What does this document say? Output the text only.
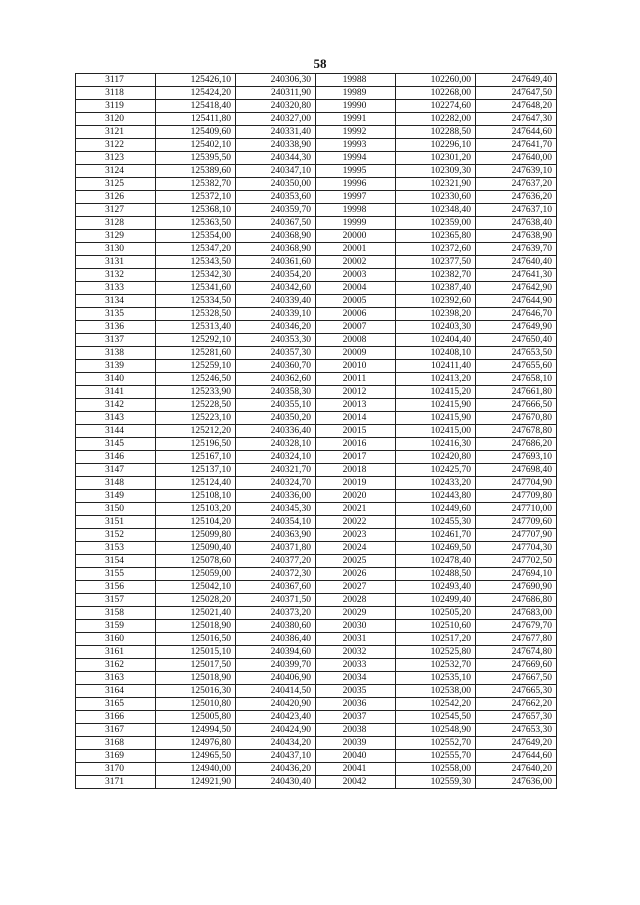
58
3117	125426,10	240306,30	19988	102260,00	247649,40
3118	125424,20	240311,90	19989	102268,00	247647,50
3119	125418,40	240320,80	19990	102274,60	247648,20
3120	125411,80	240327,00	19991	102282,00	247647,30
3121	125409,60	240331,40	19992	102288,50	247644,60
3122	125402,10	240338,90	19993	102296,10	247641,70
3123	125395,50	240344,30	19994	102301,20	247640,00
3124	125389,60	240347,10	19995	102309,30	247639,10
3125	125382,70	240350,00	19996	102321,90	247637,20
3126	125372,10	240353,60	19997	102330,60	247636,20
3127	125368,10	240359,70	19998	102348,40	247637,10
3128	125363,50	240367,50	19999	102359,00	247638,40
3129	125354,00	240368,90	20000	102365,80	247638,90
3130	125347,20	240368,90	20001	102372,60	247639,70
3131	125343,50	240361,60	20002	102377,50	247640,40
3132	125342,30	240354,20	20003	102382,70	247641,30
3133	125341,60	240342,60	20004	102387,40	247642,90
3134	125334,50	240339,40	20005	102392,60	247644,90
3135	125328,50	240339,10	20006	102398,20	247646,70
3136	125313,40	240346,20	20007	102403,30	247649,90
3137	125292,10	240353,30	20008	102404,40	247650,40
3138	125281,60	240357,30	20009	102408,10	247653,50
3139	125259,10	240360,70	20010	102411,40	247655,60
3140	125246,50	240362,60	20011	102413,20	247658,10
3141	125233,90	240358,30	20012	102415,20	247661,80
3142	125228,50	240355,10	20013	102415,90	247666,50
3143	125223,10	240350,20	20014	102415,90	247670,80
3144	125212,20	240336,40	20015	102415,00	247678,80
3145	125196,50	240328,10	20016	102416,30	247686,20
3146	125167,10	240324,10	20017	102420,80	247693,10
3147	125137,10	240321,70	20018	102425,70	247698,40
3148	125124,40	240324,70	20019	102433,20	247704,90
3149	125108,10	240336,00	20020	102443,80	247709,80
3150	125103,20	240345,30	20021	102449,60	247710,00
3151	125104,20	240354,10	20022	102455,30	247709,60
3152	125099,80	240363,90	20023	102461,70	247707,90
3153	125090,40	240371,80	20024	102469,50	247704,30
3154	125078,60	240377,20	20025	102478,40	247702,50
3155	125059,00	240372,30	20026	102488,50	247694,10
3156	125042,10	240367,60	20027	102493,40	247690,90
3157	125028,20	240371,50	20028	102499,40	247686,80
3158	125021,40	240373,20	20029	102505,20	247683,00
3159	125018,90	240380,60	20030	102510,60	247679,70
3160	125016,50	240386,40	20031	102517,20	247677,80
3161	125015,10	240394,60	20032	102525,80	247674,80
3162	125017,50	240399,70	20033	102532,70	247669,60
3163	125018,90	240406,90	20034	102535,10	247667,50
3164	125016,30	240414,50	20035	102538,00	247665,30
3165	125010,80	240420,90	20036	102542,20	247662,20
3166	125005,80	240423,40	20037	102545,50	247657,30
3167	124994,50	240424,90	20038	102548,90	247653,30
3168	124976,80	240434,20	20039	102552,70	247649,20
3169	124965,50	240437,10	20040	102555,70	247644,60
3170	124940,00	240436,20	20041	102558,00	247640,20
3171	124921,90	240430,40	20042	102559,30	247636,00
